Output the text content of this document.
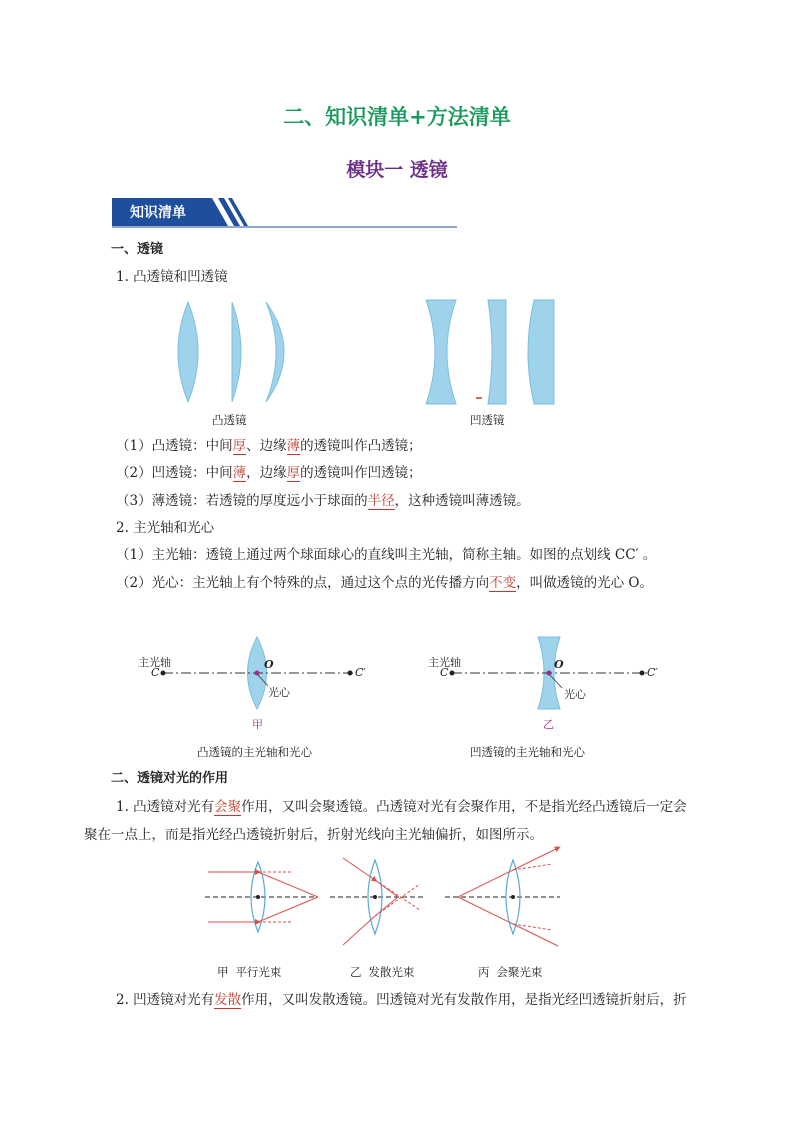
二、知识清单+方法清单
模块一 透镜
知识清单
一、透镜
1. 凸透镜和凹透镜
凸透镜	凹透镜
（1）凸透镜：中间厚、边缘薄的透镜叫作凸透镜；
（2）凹透镜：中间薄，边缘厚的透镜叫作凹透镜；
（3）薄透镜：若透镜的厚度远小于球面的半径，这种透镜叫薄透镜。
2. 主光轴和光心
（1）主光轴：透镜上通过两个球面球心的直线叫主光轴，简称主轴。如图的点划线 CC′ 。
（2）光心：主光轴上有个特殊的点，通过这个点的光传播方向不变，叫做透镜的光心 O。
主光轴
C	C′
O
光心
甲
主光轴
C	C′
O
光心
乙
凸透镜的主光轴和光心	凹透镜的主光轴和光心
二、透镜对光的作用
1. 凸透镜对光有会聚作用，又叫会聚透镜。凸透镜对光有会聚作用，不是指光经凸透镜后一定会
聚在一点上，而是指光经凸透镜折射后，折射光线向主光轴偏折，如图所示。
甲 平行光束	乙 发散光束	丙 会聚光束
2. 凹透镜对光有发散作用，又叫发散透镜。凹透镜对光有发散作用，是指光经凹透镜折射后，折
